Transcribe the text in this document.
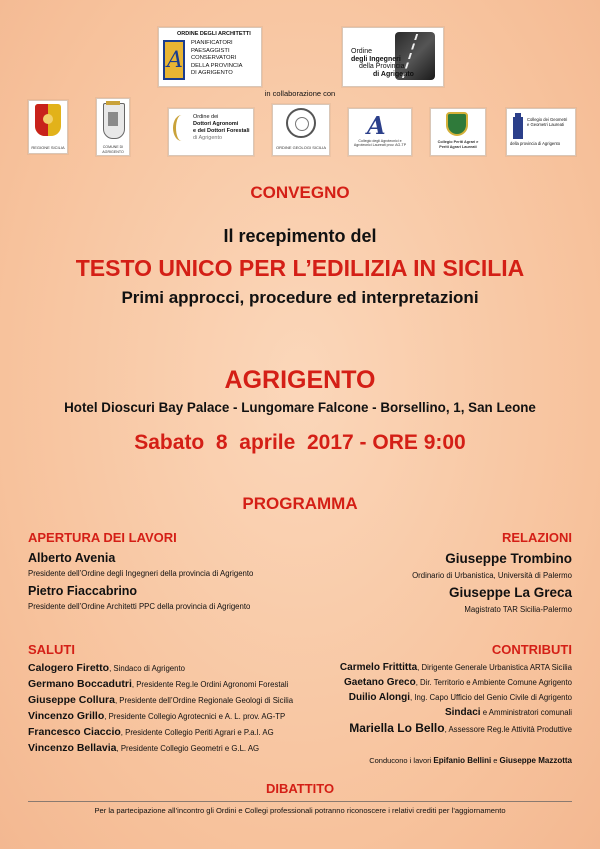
ORDINE DEGLI ARCHITETTI
A
PIANIFICATORI
PAESAGGISTI
CONSERVATORI
DELLA PROVINCIA
DI AGRIGENTO
Ordine
degli Ingegneri
della Provincia
di Agrigento
in collaborazione con
REGIONE SICILIA	COMUNE DI AGRIGENTO
Ordine dei
Dottori Agronomi
e dei Dottori Forestali
di Agrigento
ORDINE GEOLOGI SICILIA
A
Collegio degli Agrotecnici e Agrotecnici Laureati prov. AG-TP
Collegio Periti Agrari e Periti Agrari Laureati
Collegio dei Geometri
e Geometri Laureati
della provincia di Agrigento
CONVEGNO
Il recepimento del
TESTO UNICO PER L’EDILIZIA IN SICILIA
Primi approcci, procedure ed interpretazioni
AGRIGENTO
Hotel Dioscuri Bay Palace - Lungomare Falcone - Borsellino, 1, San Leone
Sabato  8  aprile  2017 - ORE 9:00
PROGRAMMA
APERTURA DEI LAVORI
Alberto Avenia
Presidente dell’Ordine degli Ingegneri della provincia di Agrigento
Pietro Fiaccabrino
Presidente dell’Ordine Architetti PPC della provincia di Agrigento
RELAZIONI
Giuseppe Trombino
Ordinario di Urbanistica, Università di Palermo
Giuseppe La Greca
Magistrato TAR Sicilia-Palermo
SALUTI
Calogero Firetto, Sindaco di Agrigento
Germano Boccadutri, Presidente Reg.le Ordini Agronomi Forestali
Giuseppe Collura, Presidente dell’Ordine Regionale Geologi di Sicilia
Vincenzo Grillo, Presidente Collegio Agrotecnici e A. L. prov. AG-TP
Francesco Ciaccio, Presidente Collegio Periti Agrari e P.a.l. AG
Vincenzo Bellavia, Presidente Collegio Geometri e G.L. AG
CONTRIBUTI
Carmelo Frittitta, Dirigente Generale Urbanistica ARTA Sicilia
Gaetano Greco, Dir. Territorio e Ambiente Comune Agrigento
Duilio Alongi, Ing. Capo Ufficio del Genio Civile di Agrigento
Sindaci e Amministratori comunali
Mariella Lo Bello, Assessore Reg.le Attività Produttive
Conducono i lavori Epifanio Bellini e Giuseppe Mazzotta
DIBATTITO
Per la partecipazione all’incontro gli Ordini e Collegi professionali potranno riconoscere i relativi crediti per l’aggiornamento
